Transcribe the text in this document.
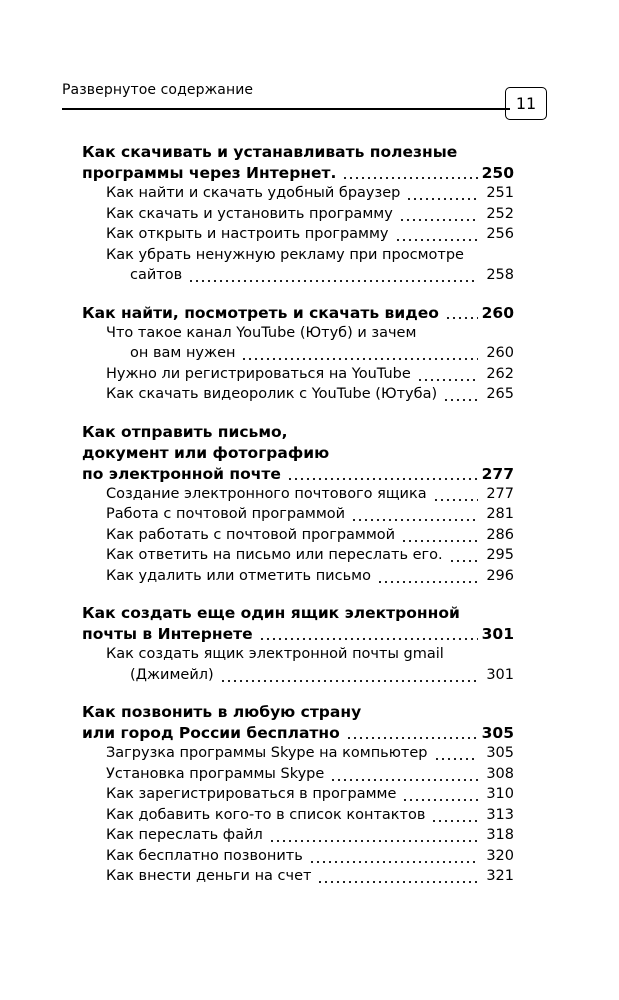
Развернутое содержание
11
Как скачивать и устанавливать полезные
программы через Интернет.	250
Как найти и скачать удобный браузер	251
Как скачать и установить программу	252
Как открыть и настроить программу	256
Как убрать ненужную рекламу при просмотре
сайтов	258
Как найти, посмотреть и скачать видео	260
Что такое канал YouTube (Ютуб) и зачем
он вам нужен	260
Нужно ли регистрироваться на YouTube	262
Как скачать видеоролик с YouTube (Ютуба)	265
Как отправить письмо,
документ или фотографию
по электронной почте	277
Создание электронного почтового ящика	277
Работа с почтовой программой	281
Как работать с почтовой программой	286
Как ответить на письмо или переслать его.	295
Как удалить или отметить письмо	296
Как создать еще один ящик электронной
почты в Интернете	301
Как создать ящик электронной почты gmail
(Джимейл)	301
Как позвонить в любую страну
или город России бесплатно	305
Загрузка программы Skype на компьютер	305
Установка программы Skype	308
Как зарегистрироваться в программе	310
Как добавить кого-то в список контактов	313
Как переслать файл	318
Как бесплатно позвонить	320
Как внести деньги на счет	321
